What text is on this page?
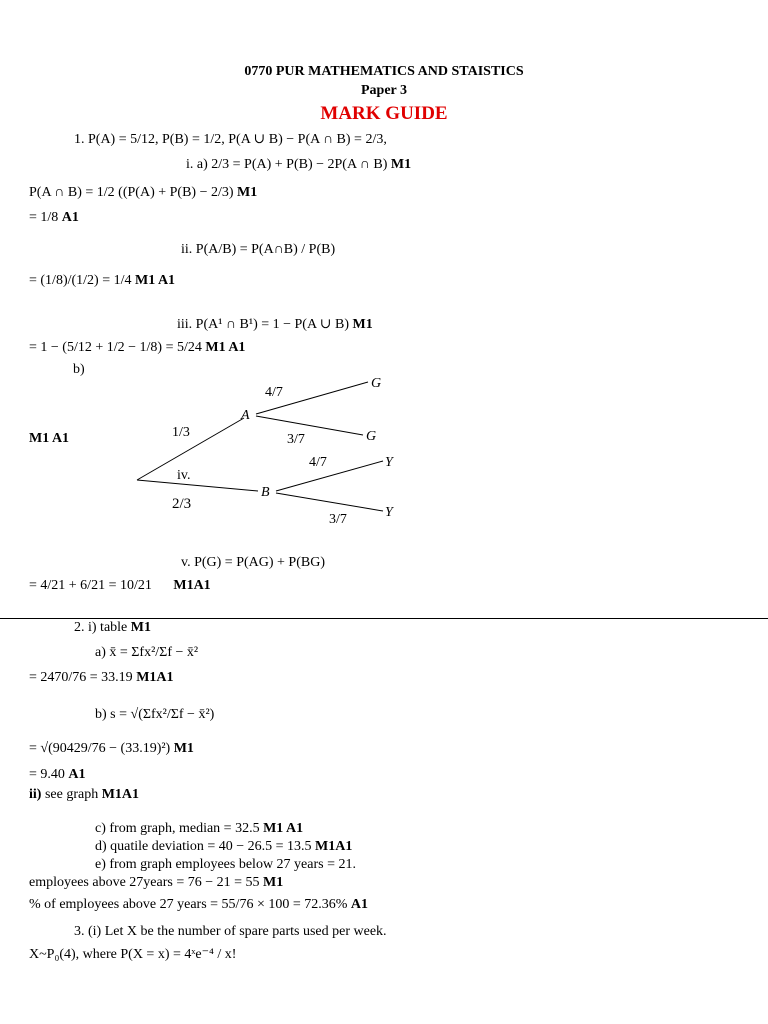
0770 PUR MATHEMATICS AND STAISTICS
Paper 3
MARK GUIDE
1. P(A) = 5/12, P(B) = 1/2, P(A ∪ B) − P(A ∩ B) = 2/3,
i. a) 2/3 = P(A) + P(B) − 2P(A ∩ B) M1
P(A ∩ B) = 1/2 ((P(A) + P(B) − 2/3) M1
= 1/8 A1
ii. P(A/B) = P(A∩B) / P(B)
= (1/8)/(1/2) = 1/4 M1 A1
iii. P(A¹ ∩ B¹) = 1 − P(A ∪ B) M1
= 1 − (5/12 + 1/2 − 1/8) = 5/24 M1 A1
b)
M1 A1
A
B
G
G
Y
Y
iv.
1/3
2/3
4/7
3/7
4/7
3/7
v. P(G) = P(AG) + P(BG)
= 4/21 + 6/21 = 10/21 M1A1
2. i) table M1
a) x̄ = Σfx²/Σf − x̄²
= 2470/76 = 33.19 M1A1
b) s = √(Σfx²/Σf − x̄²)
= √(90429/76 − (33.19)²) M1
= 9.40 A1
ii) see graph M1A1
c) from graph, median = 32.5 M1 A1
d) quatile deviation = 40 − 26.5 = 13.5 M1A1
e) from graph employees below 27 years = 21.
employees above 27years = 76 − 21 = 55 M1
% of employees above 27 years = 55/76 × 100 = 72.36% A1
3. (i) Let X be the number of spare parts used per week.
X~P₀(4), where P(X = x) = 4ˣe⁻⁴ / x!
